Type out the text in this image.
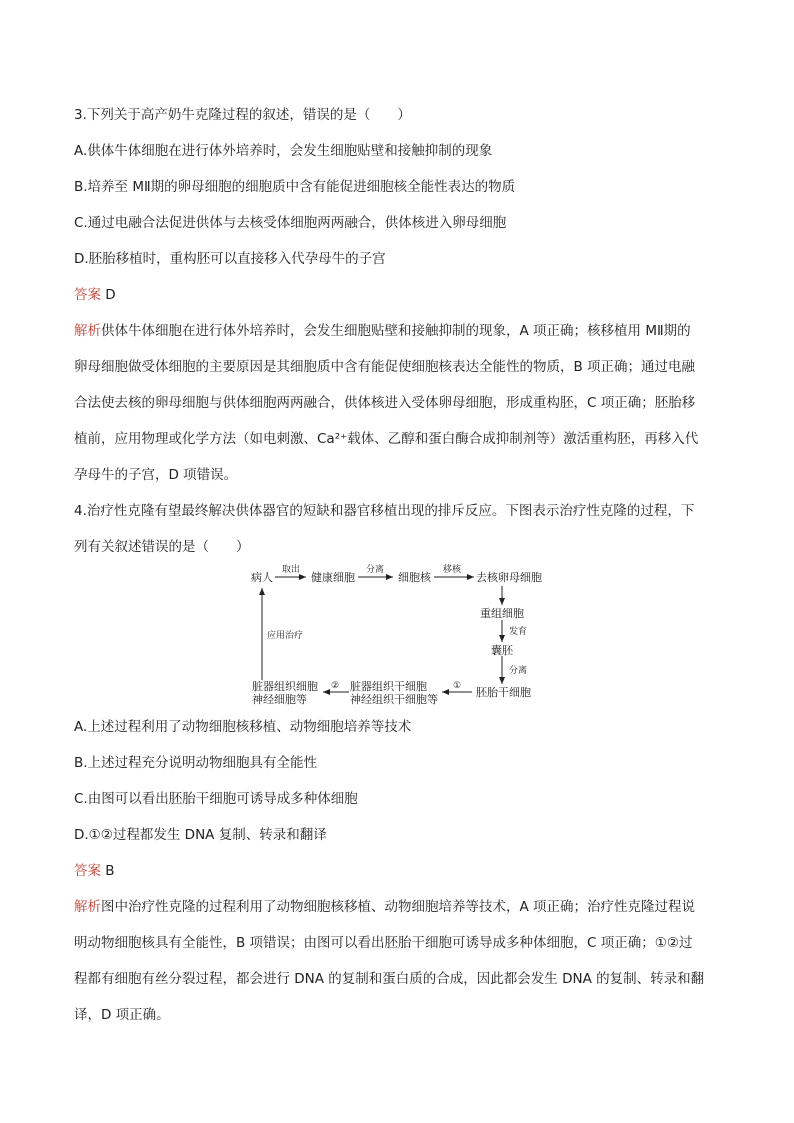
3.下列关于高产奶牛克隆过程的叙述，错误的是（　　）

A.供体牛体细胞在进行体外培养时，会发生细胞贴壁和接触抑制的现象

B.培养至 MⅡ期的卵母细胞的细胞质中含有能促进细胞核全能性表达的物质

C.通过电融合法促进供体与去核受体细胞两两融合，供体核进入卵母细胞

D.胚胎移植时，重构胚可以直接移入代孕母牛的子宫

答案 D

解析供体牛体细胞在进行体外培养时，会发生细胞贴壁和接触抑制的现象，A 项正确；核移植用 MⅡ期的
卵母细胞做受体细胞的主要原因是其细胞质中含有能促使细胞核表达全能性的物质，B 项正确；通过电融
合法使去核的卵母细胞与供体细胞两两融合，供体核进入受体卵母细胞，形成重构胚，C 项正确；胚胎移
植前，应用物理或化学方法（如电刺激、Ca²⁺载体、乙醇和蛋白酶合成抑制剂等）激活重构胚，再移入代
孕母牛的子宫，D 项错误。
4.治疗性克隆有望最终解决供体器官的短缺和器官移植出现的排斥反应。下图表示治疗性克隆的过程，下
列有关叙述错误的是（　　）
病人	健康细胞	细胞核	去核卵母细胞
重组细胞
囊胚
胚胎干细胞
脏器组织干细胞
神经组织干细胞等
脏器组织细胞
神经细胞等
取出	分离	移核
发育
分离
①
②
应用治疗

A.上述过程利用了动物细胞核移植、动物细胞培养等技术

B.上述过程充分说明动物细胞具有全能性

C.由图可以看出胚胎干细胞可诱导成多种体细胞

D.①②过程都发生 DNA 复制、转录和翻译

答案 B

解析图中治疗性克隆的过程利用了动物细胞核移植、动物细胞培养等技术，A 项正确；治疗性克隆过程说
明动物细胞核具有全能性，B 项错误；由图可以看出胚胎干细胞可诱导成多种体细胞，C 项正确；①②过
程都有细胞有丝分裂过程，都会进行 DNA 的复制和蛋白质的合成，因此都会发生 DNA 的复制、转录和翻
译，D 项正确。
